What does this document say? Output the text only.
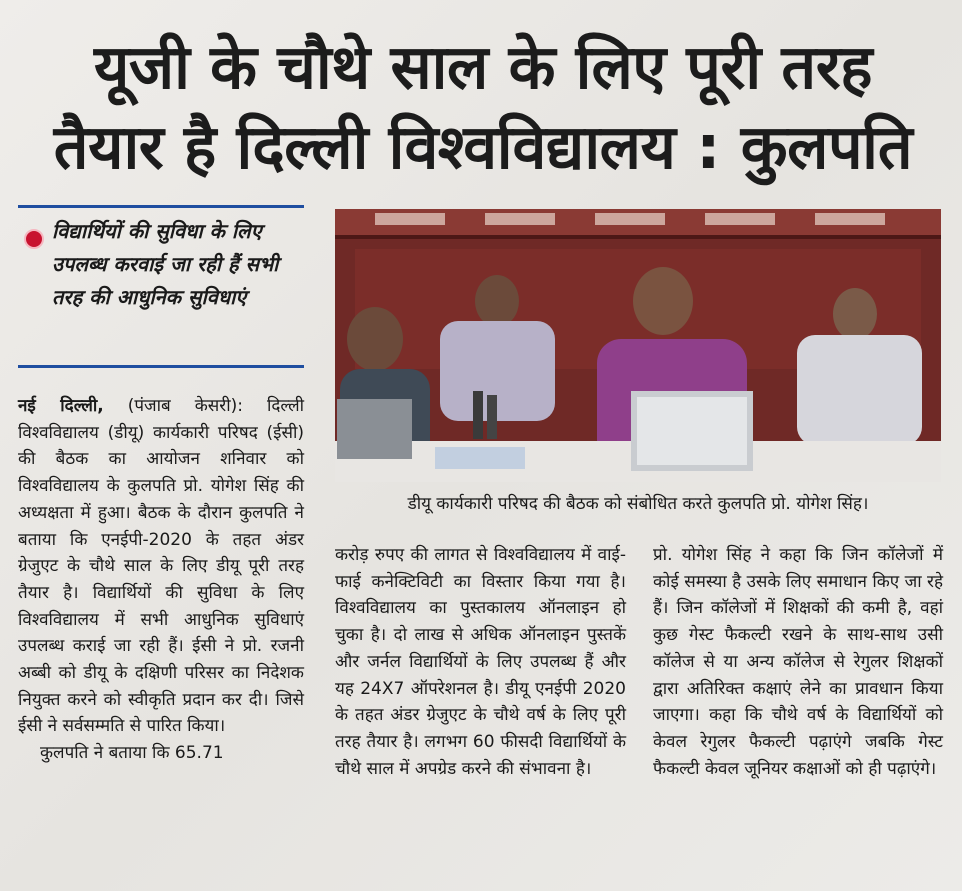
यूजी के चौथे साल के लिए पूरी तरह
तैयार है दिल्ली विश्वविद्यालय : कुलपति
विद्यार्थियों की सुविधा के लिए उपलब्ध करवाई जा रही हैं सभी तरह की आधुनिक सुविधाएं
डीयू कार्यकारी परिषद की बैठक को संबोधित करते कुलपति प्रो. योगेश सिंह।

नई दिल्ली, (पंजाब केसरी): दिल्ली विश्वविद्यालय (डीयू) कार्यकारी परिषद (ईसी) की बैठक का आयोजन शनिवार को विश्वविद्यालय के कुलपति प्रो. योगेश सिंह की अध्यक्षता में हुआ। बैठक के दौरान कुलपति ने बताया कि एनईपी-2020 के तहत अंडर ग्रेजुएट के चौथे साल के लिए डीयू पूरी तरह तैयार है। विद्यार्थियों की सुविधा के लिए विश्वविद्यालय में सभी आधुनिक सुविधाएं उपलब्ध कराई जा रही हैं। ईसी ने प्रो. रजनी अब्बी को डीयू के दक्षिणी परिसर का निदेशक नियुक्त करने को स्वीकृति प्रदान कर दी। जिसे ईसी ने सर्वसम्मति से पारित किया।

कुलपति ने बताया कि 65.71

करोड़ रुपए की लागत से विश्वविद्यालय में वाई-फाई कनेक्टिविटी का विस्तार किया गया है। विश्वविद्यालय का पुस्तकालय ऑनलाइन हो चुका है। दो लाख से अधिक ऑनलाइन पुस्तकें और जर्नल विद्यार्थियों के लिए उपलब्ध हैं और यह 24X7 ऑपरेशनल है। डीयू एनईपी 2020 के तहत अंडर ग्रेजुएट के चौथे वर्ष के लिए पूरी तरह तैयार है। लगभग 60 फीसदी विद्यार्थियों के चौथे साल में अपग्रेड करने की संभावना है।
प्रो. योगेश सिंह ने कहा कि जिन कॉलेजों में कोई समस्या है उसके लिए समाधान किए जा रहे हैं। जिन कॉलेजों में शिक्षकों की कमी है, वहां कुछ गेस्ट फैकल्टी रखने के साथ-साथ उसी कॉलेज से या अन्य कॉलेज से रेगुलर शिक्षकों द्वारा अतिरिक्त कक्षाएं लेने का प्रावधान किया जाएगा। कहा कि चौथे वर्ष के विद्यार्थियों को केवल रेगुलर फैकल्टी पढ़ाएंगे जबकि गेस्ट फैकल्टी केवल जूनियर कक्षाओं को ही पढ़ाएंगे।
